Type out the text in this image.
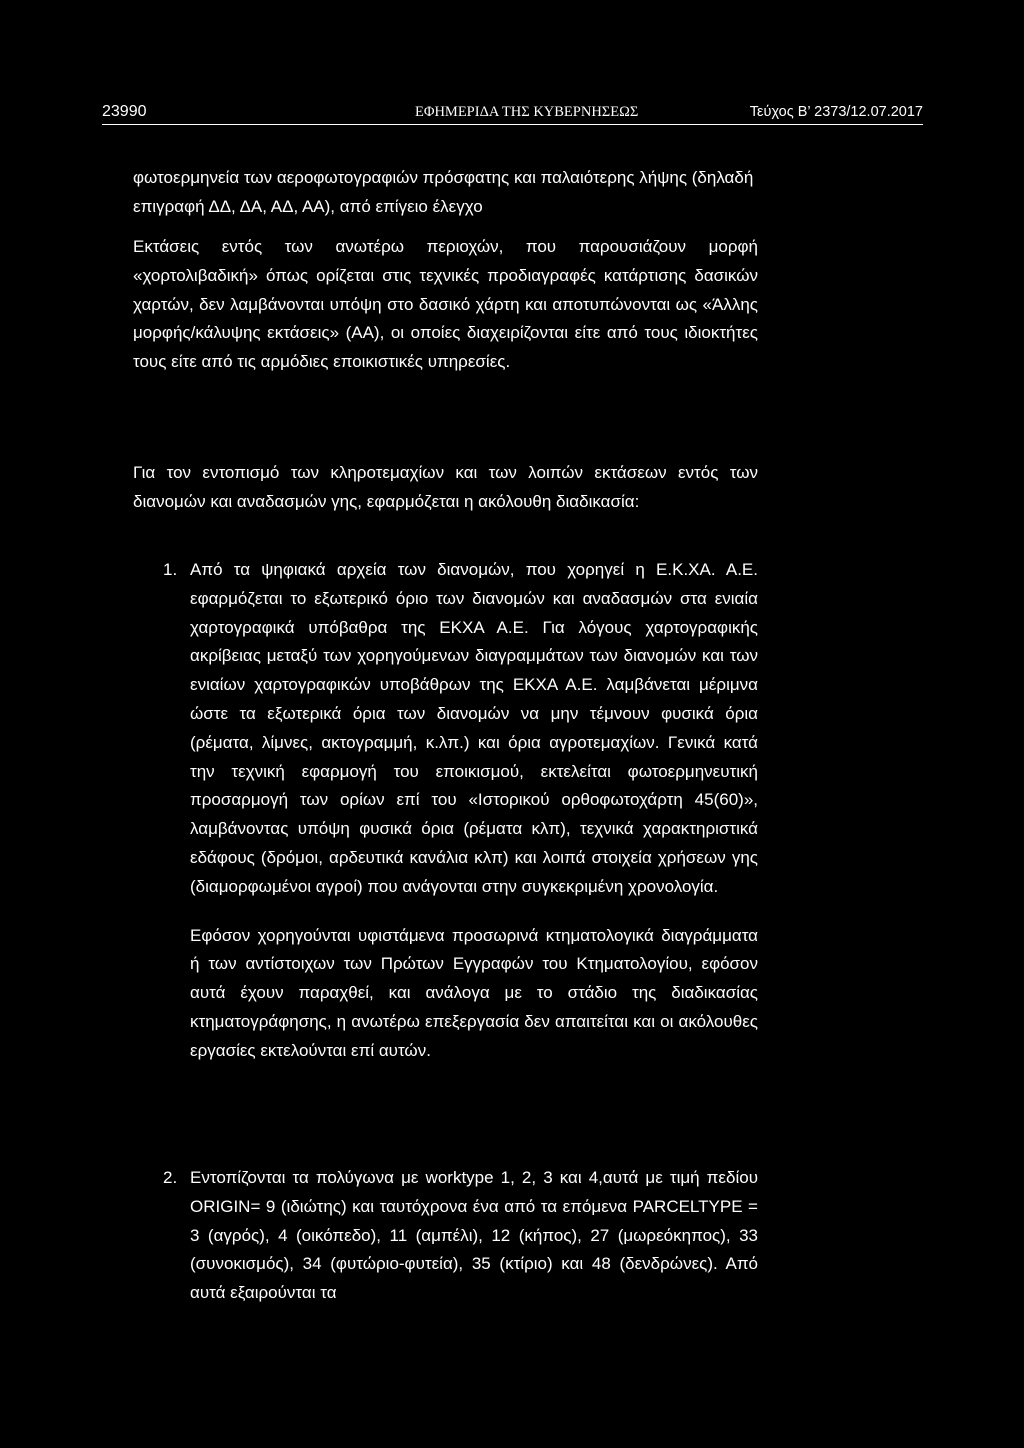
23990	ΕΦΗΜΕΡΙΔΑ ΤΗΣ ΚΥΒΕΡΝΗΣΕΩΣ	Τεύχος Β’ 2373/12.07.2017

φωτοερμηνεία των αεροφωτογραφιών πρόσφατης και παλαιότερης λήψης (δηλαδή επιγραφή ΔΔ, ΔΑ, ΑΔ, ΑΑ), από επίγειο έλεγχο

Εκτάσεις εντός των ανωτέρω περιοχών, που παρουσιάζουν μορφή «χορτολιβαδική» όπως ορίζεται στις τεχνικές προδιαγραφές κατάρτισης δασικών χαρτών, δεν λαμβάνονται υπόψη στο δασικό χάρτη και αποτυπώνονται ως «Άλλης μορφής/κάλυψης εκτάσεις» (ΑΑ), οι οποίες διαχειρίζονται είτε από τους ιδιοκτήτες τους είτε από τις αρμόδιες εποικιστικές υπηρεσίες.

Για τον εντοπισμό των κληροτεμαχίων και των λοιπών εκτάσεων εντός των διανομών και αναδασμών γης, εφαρμόζεται η ακόλουθη διαδικασία:

1. Από τα ψηφιακά αρχεία των διανομών, που χορηγεί η Ε.Κ.ΧΑ. Α.Ε. εφαρμόζεται το εξωτερικό όριο των διανομών και αναδασμών στα ενιαία χαρτογραφικά υπόβαθρα της ΕΚΧΑ Α.Ε. Για λόγους χαρτογραφικής ακρίβειας μεταξύ των χορηγούμενων διαγραμμάτων των διανομών και των ενιαίων χαρτογραφικών υποβάθρων της ΕΚΧΑ Α.Ε. λαμβάνεται μέριμνα ώστε τα εξωτερικά όρια των διανομών να μην τέμνουν φυσικά όρια (ρέματα, λίμνες, ακτογραμμή, κ.λπ.) και όρια αγροτεμαχίων. Γενικά κατά την τεχνική εφαρμογή του εποικισμού, εκτελείται φωτοερμηνευτική προσαρμογή των ορίων επί του «Ιστορικού ορθοφωτοχάρτη 45(60)», λαμβάνοντας υπόψη φυσικά όρια (ρέματα κλπ), τεχνικά χαρακτηριστικά εδάφους (δρόμοι, αρδευτικά κανάλια κλπ) και λοιπά στοιχεία χρήσεων γης (διαμορφωμένοι αγροί) που ανάγονται στην συγκεκριμένη χρονολογία.

Εφόσον χορηγούνται υφιστάμενα προσωρινά κτηματολογικά διαγράμματα ή των αντίστοιχων των Πρώτων Εγγραφών του Κτηματολογίου, εφόσον αυτά έχουν παραχθεί, και ανάλογα με το στάδιο της διαδικασίας κτηματογράφησης, η ανωτέρω επεξεργασία δεν απαιτείται και οι ακόλουθες εργασίες εκτελούνται επί αυτών.

2. Εντοπίζονται τα πολύγωνα με worktype 1, 2, 3 και 4,αυτά με τιμή πεδίου ORIGIN= 9 (ιδιώτης) και ταυτόχρονα ένα από τα επόμενα PARCELTYPE = 3 (αγρός), 4 (οικόπεδο), 11 (αμπέλι), 12 (κήπος), 27 (μωρεόκηπος), 33 (συνοκισμός), 34 (φυτώριο-φυτεία), 35 (κτίριο) και 48 (δενδρώνες). Από αυτά εξαιρούνται τα
